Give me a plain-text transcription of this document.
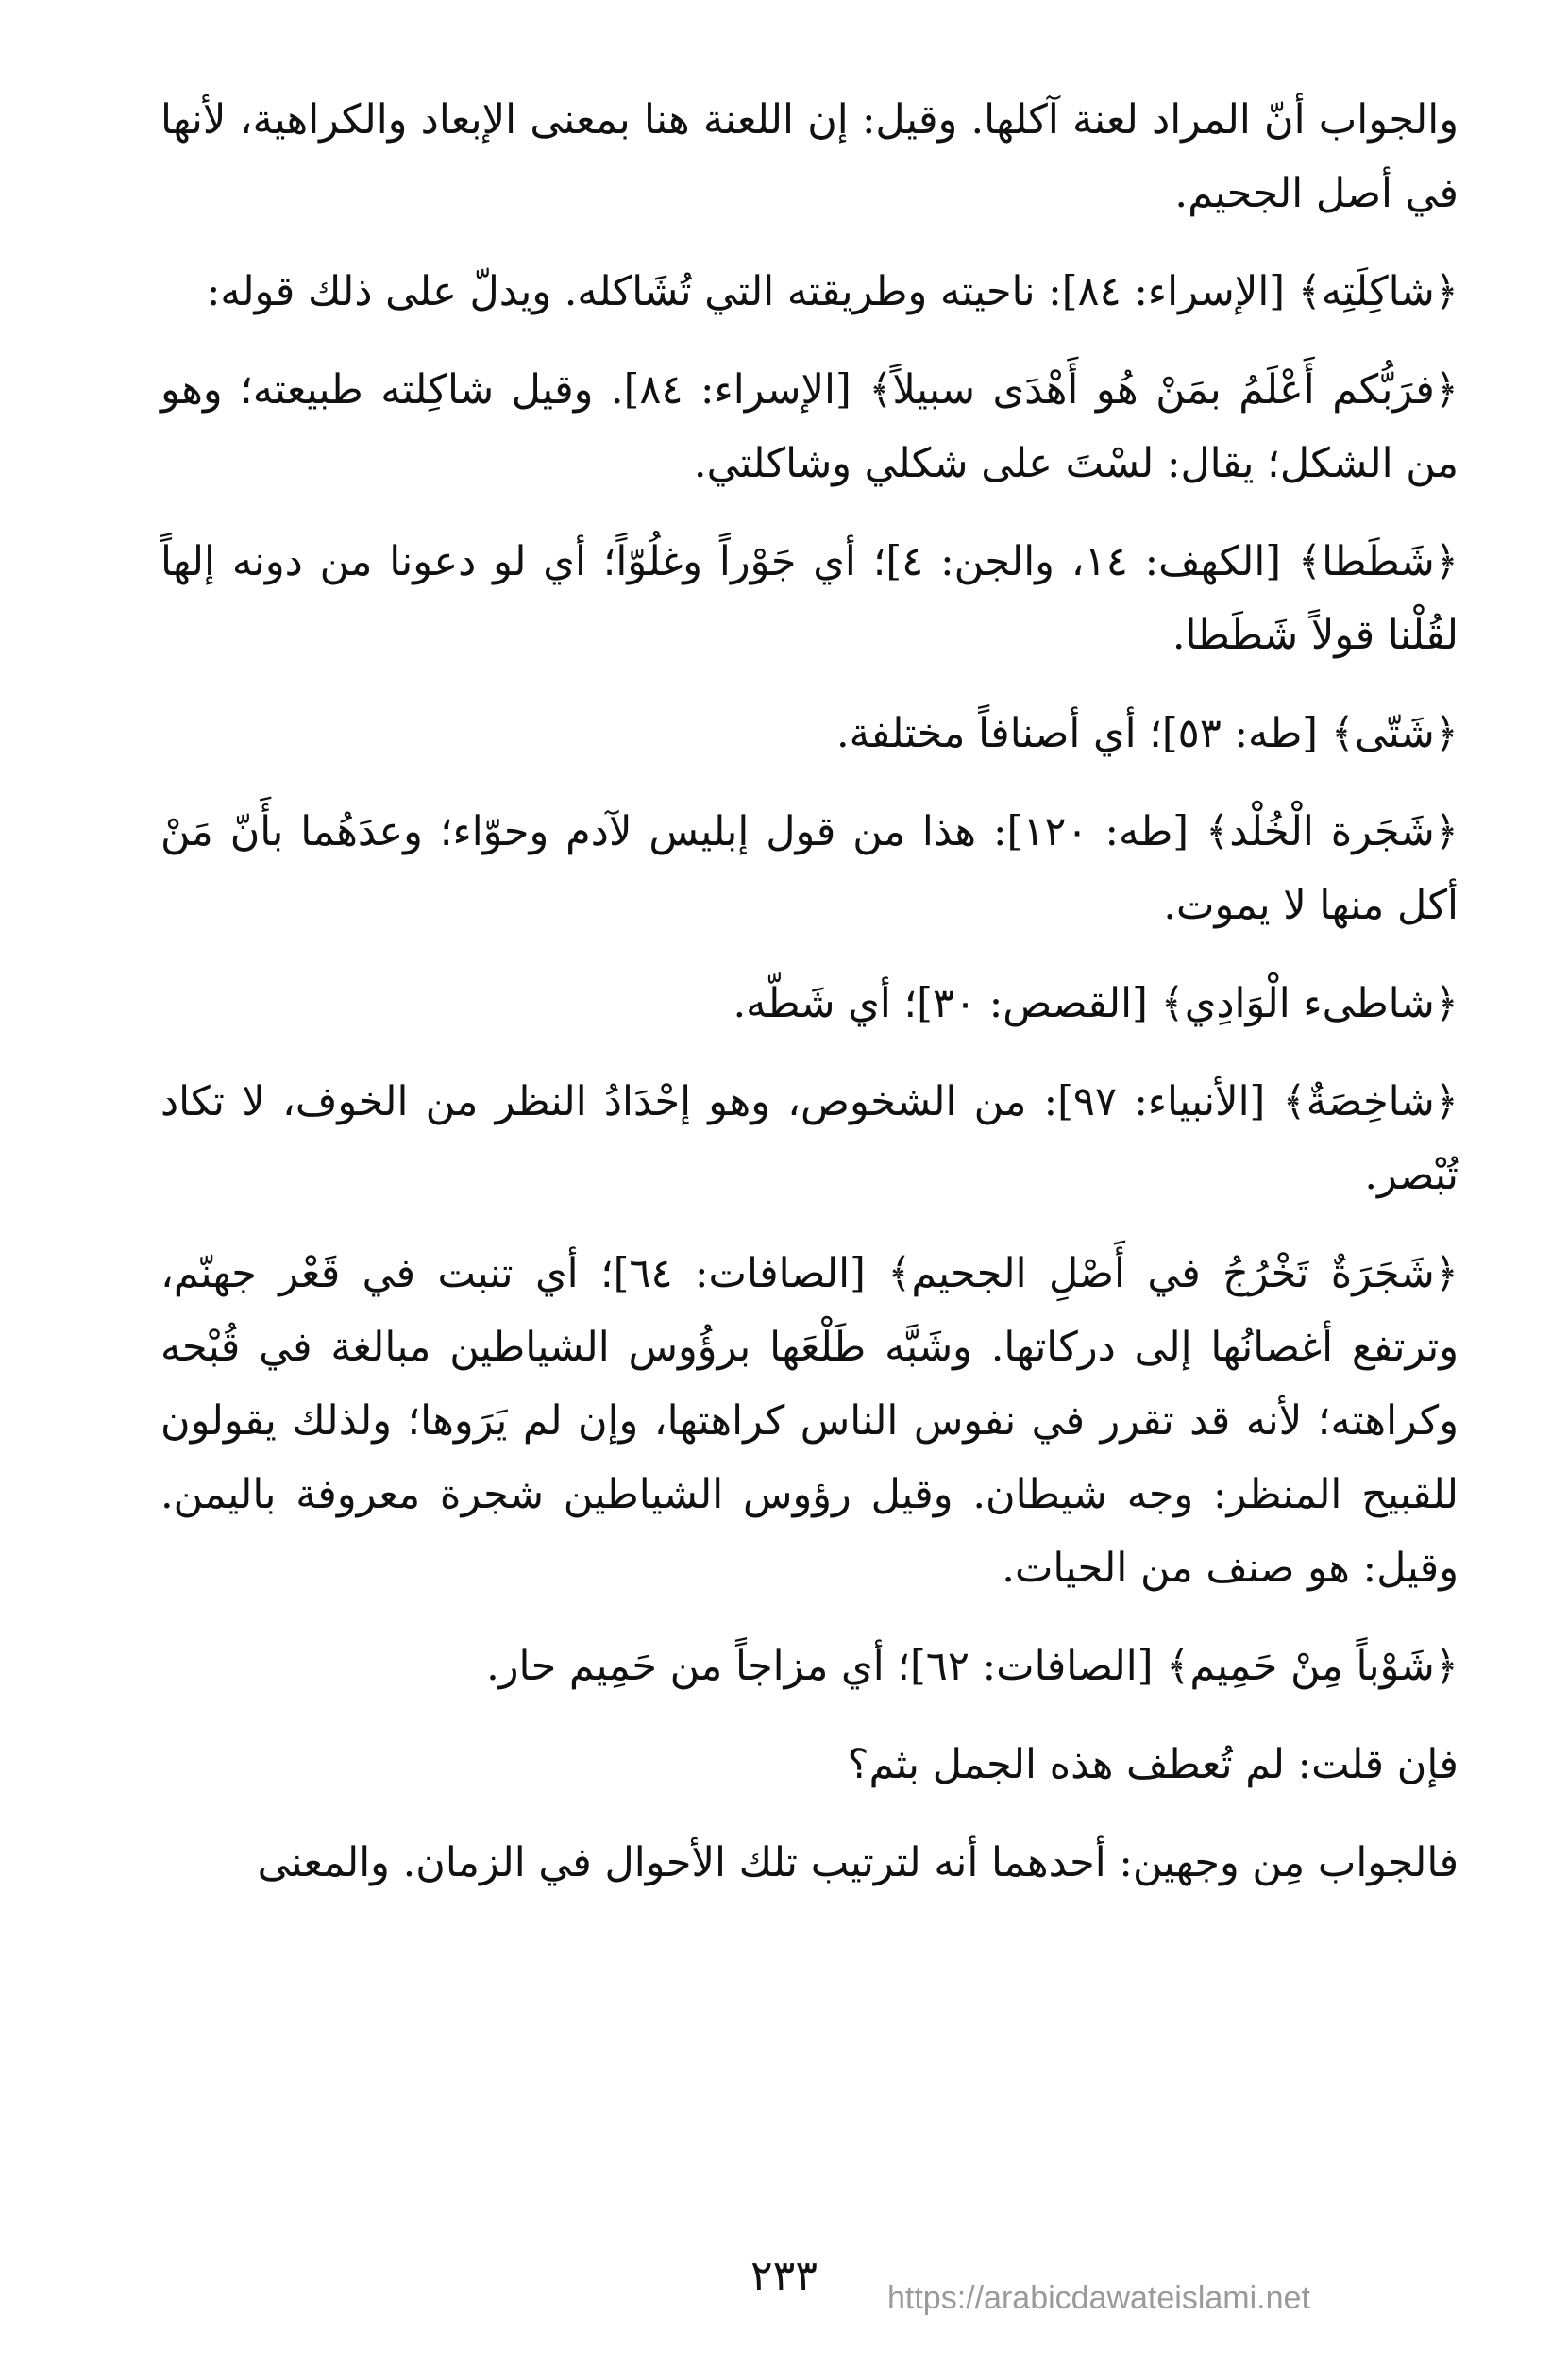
والجواب أنّ المراد لعنة آكلها. وقيل: إن اللعنة هنا بمعنى الإبعاد والكراهية، لأنها في أصل الجحيم.

﴿شاكِلَتِه﴾ [الإسراء: ٨٤]: ناحيته وطريقته التي تُشَاكله. ويدلّ على ذلك قوله:

﴿فرَبُّكم أَعْلَمُ بمَنْ هُو أَهْدَى سبيلاً﴾ [الإسراء: ٨٤]. وقيل شاكِلته طبيعته؛ وهو من الشكل؛ يقال: لسْتَ على شكلي وشاكلتي.

﴿شَطَطا﴾ [الكهف: ١٤، والجن: ٤]؛ أي جَوْراً وغلُوّاً؛ أي لو دعونا من دونه إلهاً لقُلْنا قولاً شَطَطا.

﴿شَتّى﴾ [طه: ٥٣]؛ أي أصنافاً مختلفة.

﴿شَجَرة الْخُلْد﴾ [طه: ١٢٠]: هذا من قول إبليس لآدم وحوّاء؛ وعدَهُما بأَنّ مَنْ أكل منها لا يموت.

﴿شاطىء الْوَادِي﴾ [القصص: ٣٠]؛ أي شَطّه.

﴿شاخِصَةٌ﴾ [الأنبياء: ٩٧]: من الشخوص، وهو إحْدَادُ النظر من الخوف، لا تكاد تُبْصر.

﴿شَجَرَةٌ تَخْرُجُ في أَصْلِ الجحيم﴾ [الصافات: ٦٤]؛ أي تنبت في قَعْر جهنّم، وترتفع أغصانُها إلى دركاتها. وشَبَّه طَلْعَها برؤُوس الشياطين مبالغة في قُبْحه وكراهته؛ لأنه قد تقرر في نفوس الناس كراهتها، وإن لم يَرَوها؛ ولذلك يقولون للقبيح المنظر: وجه شيطان. وقيل رؤوس الشياطين شجرة معروفة باليمن. وقيل: هو صنف من الحيات.

﴿شَوْباً مِنْ حَمِيم﴾ [الصافات: ٦٢]؛ أي مزاجاً من حَمِيم حار.

فإن قلت: لم تُعطف هذه الجمل بثم؟

فالجواب مِن وجهين: أحدهما أنه لترتيب تلك الأحوال في الزمان. والمعنى

٢٣٣	https://arabicdawateislami.net
